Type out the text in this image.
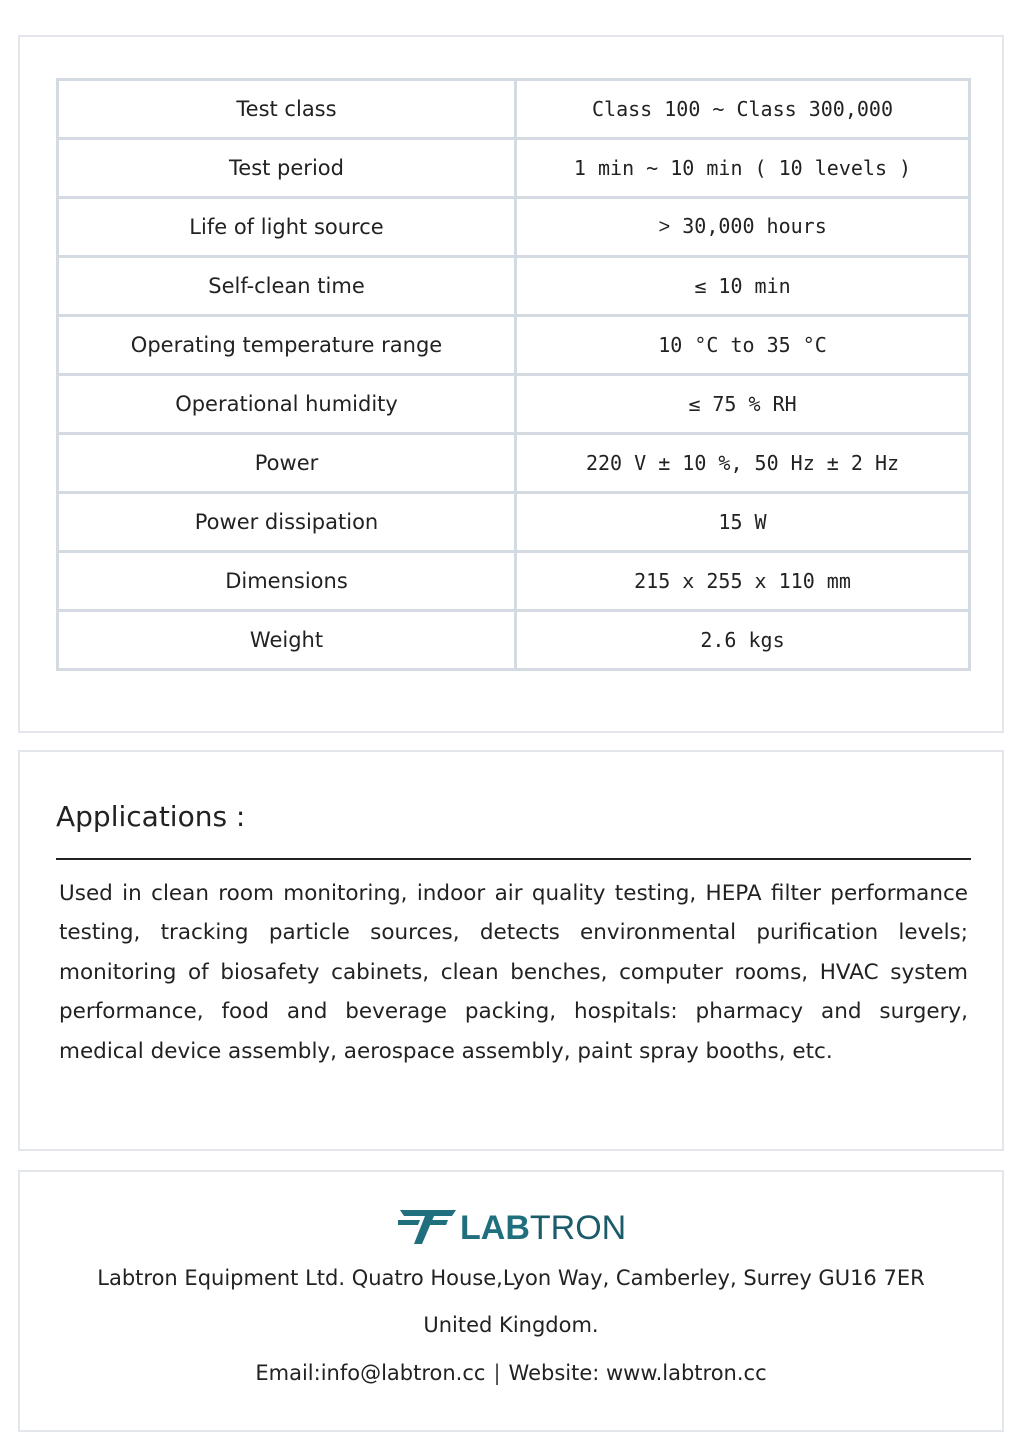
Test class	Class 100 ~ Class 300,000
Test period	1 min ~ 10 min ( 10 levels )
Life of light source	˃ 30,000 hours
Self-clean time	≤ 10 min
Operating temperature range	10 °C to 35 °C
Operational humidity	≤ 75 % RH
Power	220 V ± 10 %, 50 Hz ± 2 Hz
Power dissipation	15 W
Dimensions	215 x 255 x 110 mm
Weight	2.6 kgs
Applications :

Used in clean room monitoring, indoor air quality testing, HEPA filter performance testing, tracking particle sources, detects environmental purification levels; monitoring of biosafety cabinets, clean benches, computer rooms, HVAC system performance, food and beverage packing, hospitals: pharmacy and surgery, medical device assembly, aerospace assembly, paint spray booths, etc.

LABTRON
Labtron Equipment Ltd. Quatro House,Lyon Way, Camberley, Surrey GU16 7ER
United Kingdom.
Email:info@labtron.cc | Website: www.labtron.cc
